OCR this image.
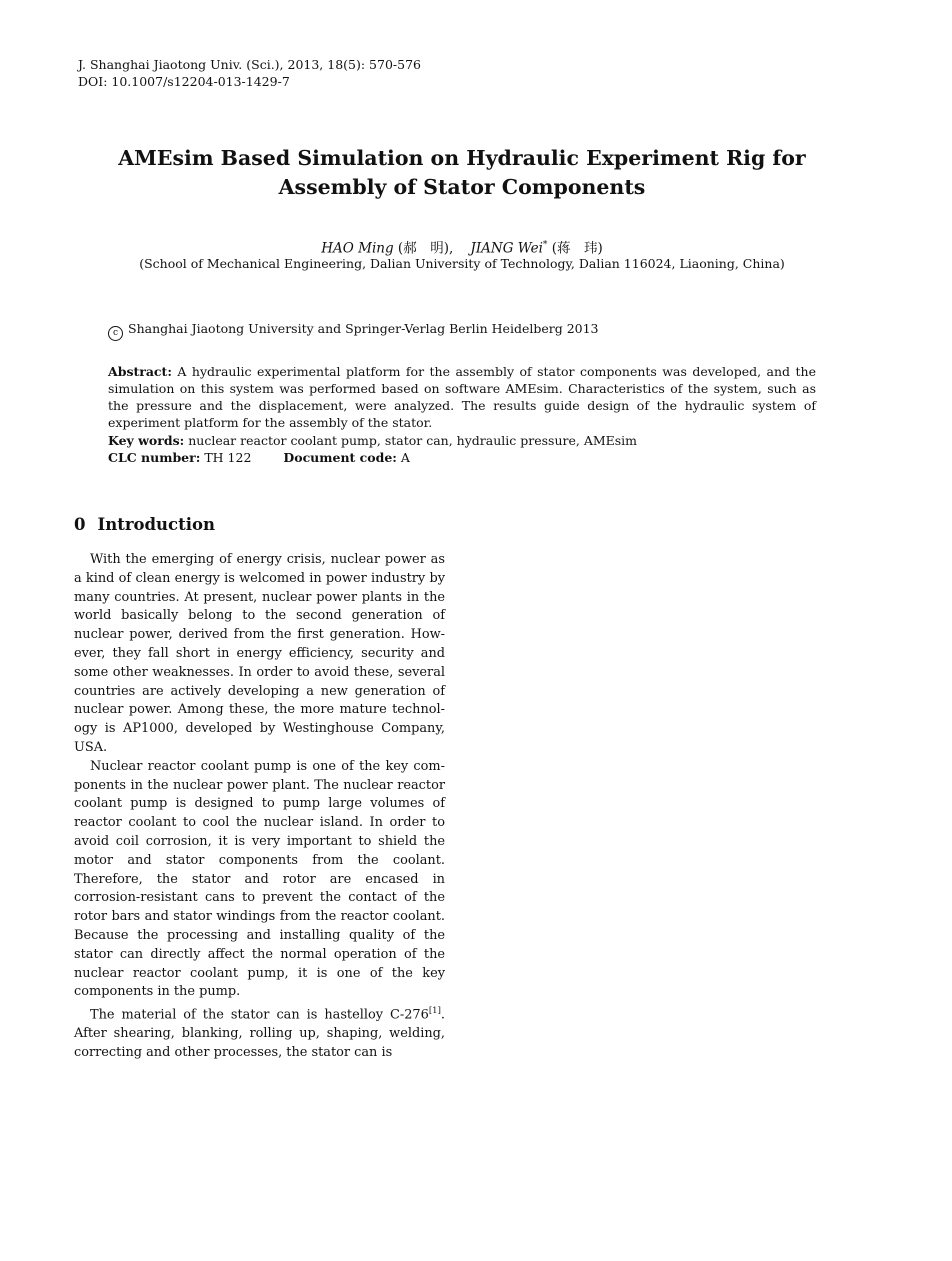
J. Shanghai Jiaotong Univ. (Sci.), 2013, 18(5): 570-576
DOI: 10.1007/s12204-013-1429-7
AMEsim Based Simulation on Hydraulic Experiment Rig for
Assembly of Stator Components
HAO Ming (郝　明), JIANG Wei* (蒋　玮)
(School of Mechanical Engineering, Dalian University of Technology, Dalian 116024, Liaoning, China)
c Shanghai Jiaotong University and Springer-Verlag Berlin Heidelberg 2013
Abstract: A hydraulic experimental platform for the assembly of stator components was developed, and the simulation on this system was performed based on software AMEsim. Characteristics of the system, such as the pressure and the displacement, were analyzed. The results guide design of the hydraulic system of experiment platform for the assembly of the stator.
Key words: nuclear reactor coolant pump, stator can, hydraulic pressure, AMEsim
CLC number: TH 122	Document code: A
0 Introduction

With the emerging of energy crisis, nuclear power as a kind of clean energy is welcomed in power industry by many countries. At present, nuclear power plants in the world basically belong to the second generation of nuclear power, derived from the first generation. However, they fall short in energy efficiency, security and some other weaknesses. In order to avoid these, several countries are actively developing a new generation of nuclear power. Among these, the more mature technology is AP1000, developed by Westinghouse Company, USA.

Nuclear reactor coolant pump is one of the key components in the nuclear power plant. The nuclear reactor coolant pump is designed to pump large volumes of reactor coolant to cool the nuclear island. In order to avoid coil corrosion, it is very important to shield the motor and stator components from the coolant. Therefore, the stator and rotor are encased in corrosion-resistant cans to prevent the contact of the rotor bars and stator windings from the reactor coolant. Because the processing and installing quality of the stator can directly affect the normal operation of the nuclear reactor coolant pump, it is one of the key components in the pump.

The material of the stator can is hastelloy C-276[1]. After shearing, blanking, rolling up, shaping, welding, correcting and other processes, the stator can is
